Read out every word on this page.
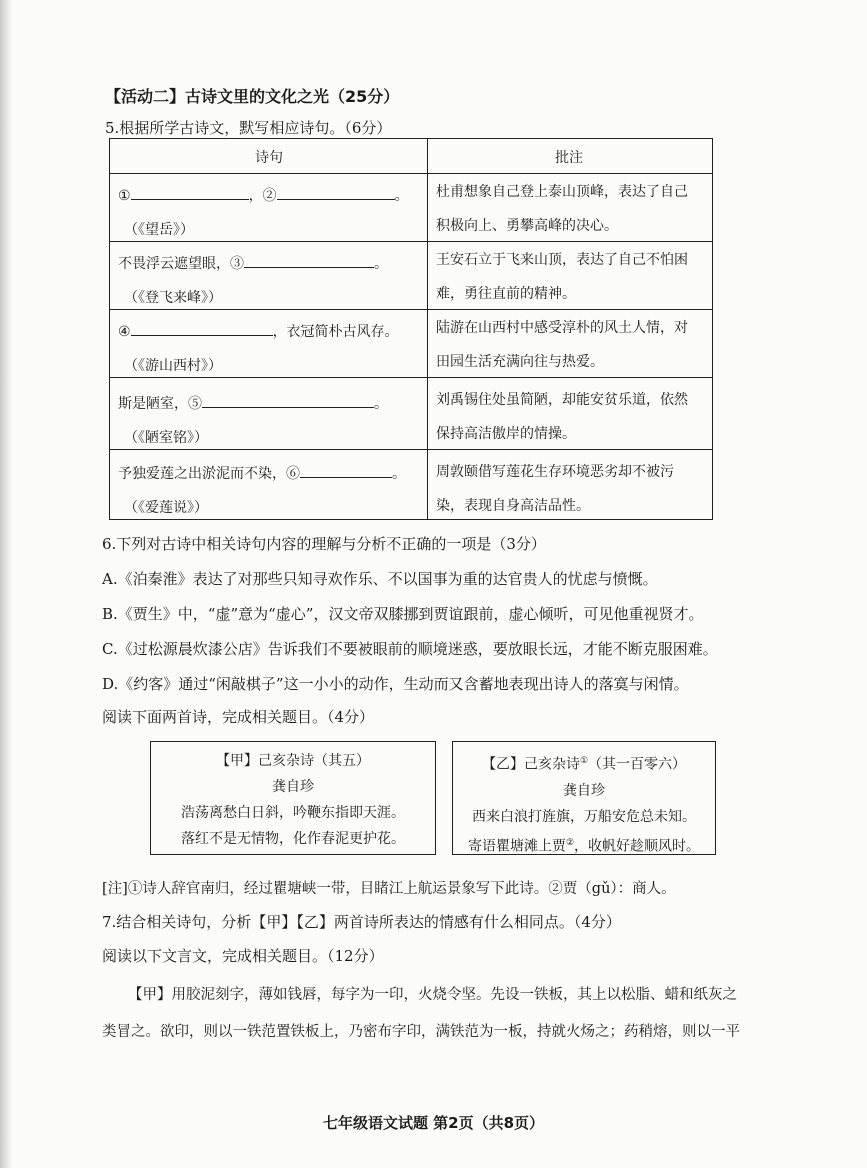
【活动二】古诗文里的文化之光（25分）
5.根据所学古诗文，默写相应诗句。（6分）
诗句	批注
①	，②	。
（《望岳》）
杜甫想象自己登上泰山顶峰，表达了自己
积极向上、勇攀高峰的决心。
不畏浮云遮望眼，③	。
（《登飞来峰》）
王安石立于飞来山顶，表达了自己不怕困
难，勇往直前的精神。
④	，衣冠简朴古风存。
（《游山西村》）
陆游在山西村中感受淳朴的风土人情，对
田园生活充满向往与热爱。
斯是陋室，⑤	。
（《陋室铭》）
刘禹锡住处虽简陋，却能安贫乐道，依然
保持高洁傲岸的情操。
予独爱莲之出淤泥而不染，⑥	。
（《爱莲说》）
周敦颐借写莲花生存环境恶劣却不被污
染，表现自身高洁品性。
6.下列对古诗中相关诗句内容的理解与分析不正确的一项是（3分）
A.《泊秦淮》表达了对那些只知寻欢作乐、不以国事为重的达官贵人的忧虑与愤慨。
B.《贾生》中，“虚”意为“虚心”，汉文帝双膝挪到贾谊跟前，虚心倾听，可见他重视贤才。
C.《过松源晨炊漆公店》告诉我们不要被眼前的顺境迷惑，要放眼长远，才能不断克服困难。
D.《约客》通过“闲敲棋子”这一小小的动作，生动而又含蓄地表现出诗人的落寞与闲情。
阅读下面两首诗，完成相关题目。（4分）
【甲】己亥杂诗（其五）
龚自珍
浩荡离愁白日斜，吟鞭东指即天涯。
落红不是无情物，化作春泥更护花。
【乙】己亥杂诗①（其一百零六）
龚自珍
西来白浪打旌旗，万船安危总未知。
寄语瞿塘滩上贾②，收帆好趁顺风时。
[注]①诗人辞官南归，经过瞿塘峡一带，目睹江上航运景象写下此诗。②贾（gǔ）：商人。
7.结合相关诗句，分析【甲】【乙】两首诗所表达的情感有什么相同点。（4分）
阅读以下文言文，完成相关题目。（12分）
【甲】用胶泥刻字，薄如钱唇，每字为一印，火烧令坚。先设一铁板，其上以松脂、蜡和纸灰之
类冒之。欲印，则以一铁范置铁板上，乃密布字印，满铁范为一板，持就火炀之；药稍熔，则以一平
七年级语文试题 第2页（共8页）
